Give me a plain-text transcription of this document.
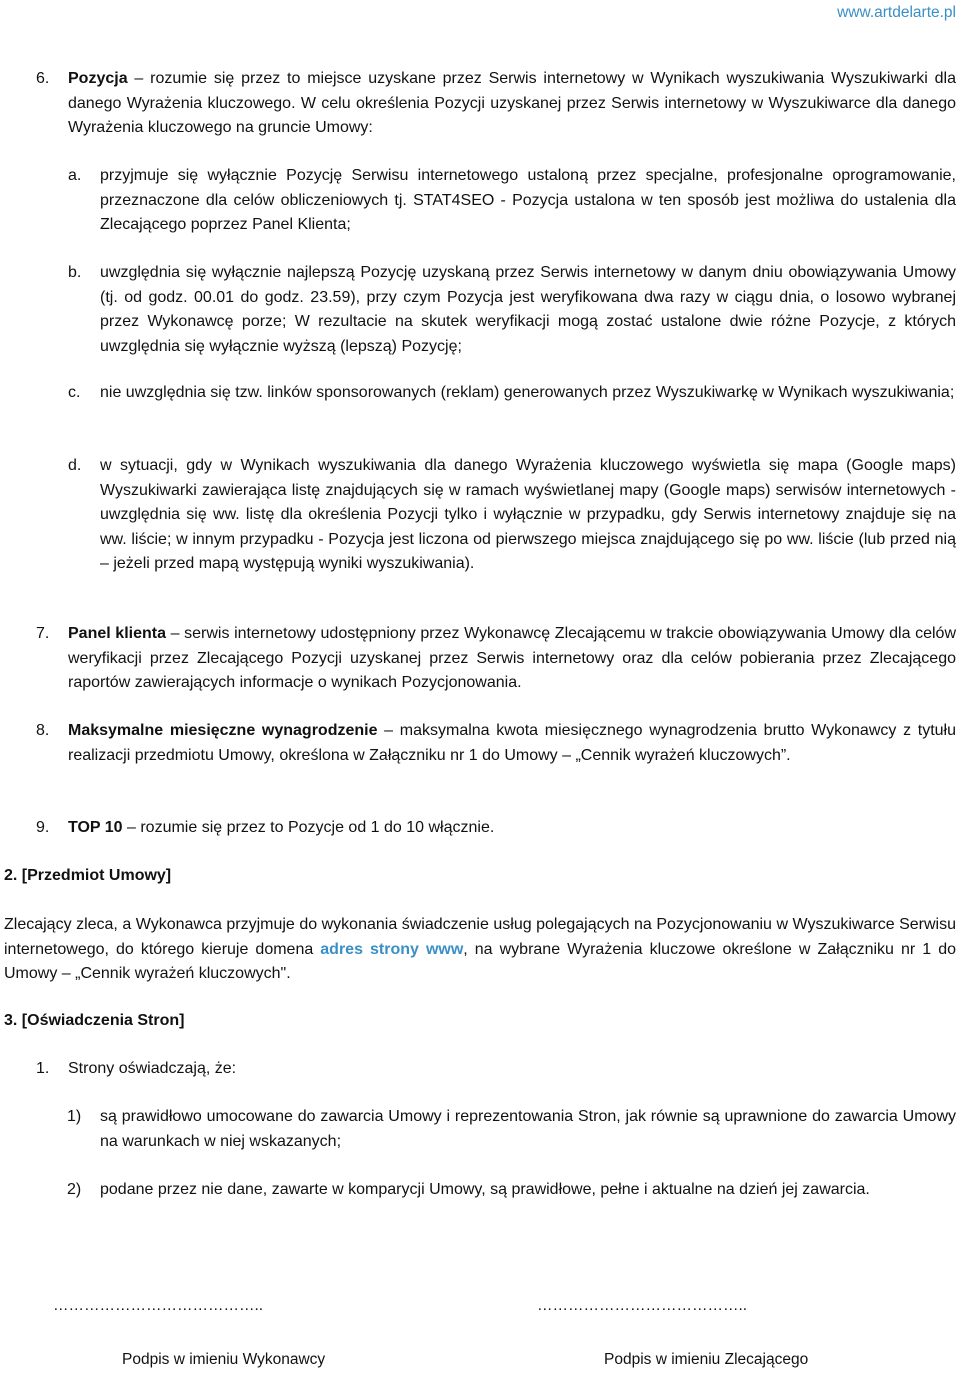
www.artdelarte.pl
6. Pozycja – rozumie się przez to miejsce uzyskane przez Serwis internetowy w Wynikach wyszukiwania Wyszukiwarki dla danego Wyrażenia kluczowego. W celu określenia Pozycji uzyskanej przez Serwis internetowy w Wyszukiwarce dla danego Wyrażenia kluczowego na gruncie Umowy:
a. przyjmuje się wyłącznie Pozycję Serwisu internetowego ustaloną przez specjalne, profesjonalne oprogramowanie, przeznaczone dla celów obliczeniowych tj. STAT4SEO - Pozycja ustalona w ten sposób jest możliwa do ustalenia dla Zlecającego poprzez Panel Klienta;
b. uwzględnia się wyłącznie najlepszą Pozycję uzyskaną przez Serwis internetowy w danym dniu obowiązywania Umowy (tj. od godz. 00.01 do godz. 23.59), przy czym Pozycja jest weryfikowana dwa razy w ciągu dnia, o losowo wybranej przez Wykonawcę porze; W rezultacie na skutek weryfikacji mogą zostać ustalone dwie różne Pozycje, z których uwzględnia się wyłącznie wyższą (lepszą) Pozycję;
c. nie uwzględnia się tzw. linków sponsorowanych (reklam) generowanych przez Wyszukiwarkę w Wynikach wyszukiwania;
d. w sytuacji, gdy w Wynikach wyszukiwania dla danego Wyrażenia kluczowego wyświetla się mapa (Google maps) Wyszukiwarki zawierająca listę znajdujących się w ramach wyświetlanej mapy (Google maps) serwisów internetowych - uwzględnia się ww. listę dla określenia Pozycji tylko i wyłącznie w przypadku, gdy Serwis internetowy znajduje się na ww. liście; w innym przypadku - Pozycja jest liczona od pierwszego miejsca znajdującego się po ww. liście (lub przed nią – jeżeli przed mapą występują wyniki wyszukiwania).
7. Panel klienta – serwis internetowy udostępniony przez Wykonawcę Zlecającemu w trakcie obowiązywania Umowy dla celów weryfikacji przez Zlecającego Pozycji uzyskanej przez Serwis internetowy oraz dla celów pobierania przez Zlecającego raportów zawierających informacje o wynikach Pozycjonowania.
8. Maksymalne miesięczne wynagrodzenie – maksymalna kwota miesięcznego wynagrodzenia brutto Wykonawcy z tytułu realizacji przedmiotu Umowy, określona w Załączniku nr 1 do Umowy – „Cennik wyrażeń kluczowych”.
9. TOP 10 – rozumie się przez to Pozycje od 1 do 10 włącznie.
2. [Przedmiot Umowy]
Zlecający zleca, a Wykonawca przyjmuje do wykonania świadczenie usług polegających na Pozycjonowaniu w Wyszukiwarce Serwisu internetowego, do którego kieruje domena adres strony www, na wybrane Wyrażenia kluczowe określone w Załączniku nr 1 do Umowy – „Cennik wyrażeń kluczowych".
3. [Oświadczenia Stron]
1. Strony oświadczają, że:
1) są prawidłowo umocowane do zawarcia Umowy i reprezentowania Stron, jak równie są uprawnione do zawarcia Umowy na warunkach w niej wskazanych;
2) podane przez nie dane, zawarte w komparycji Umowy, są prawidłowe, pełne i aktualne na dzień jej zawarcia.
…………………………………..	…………………………………..
Podpis w imieniu Wykonawcy	Podpis w imieniu Zlecającego
